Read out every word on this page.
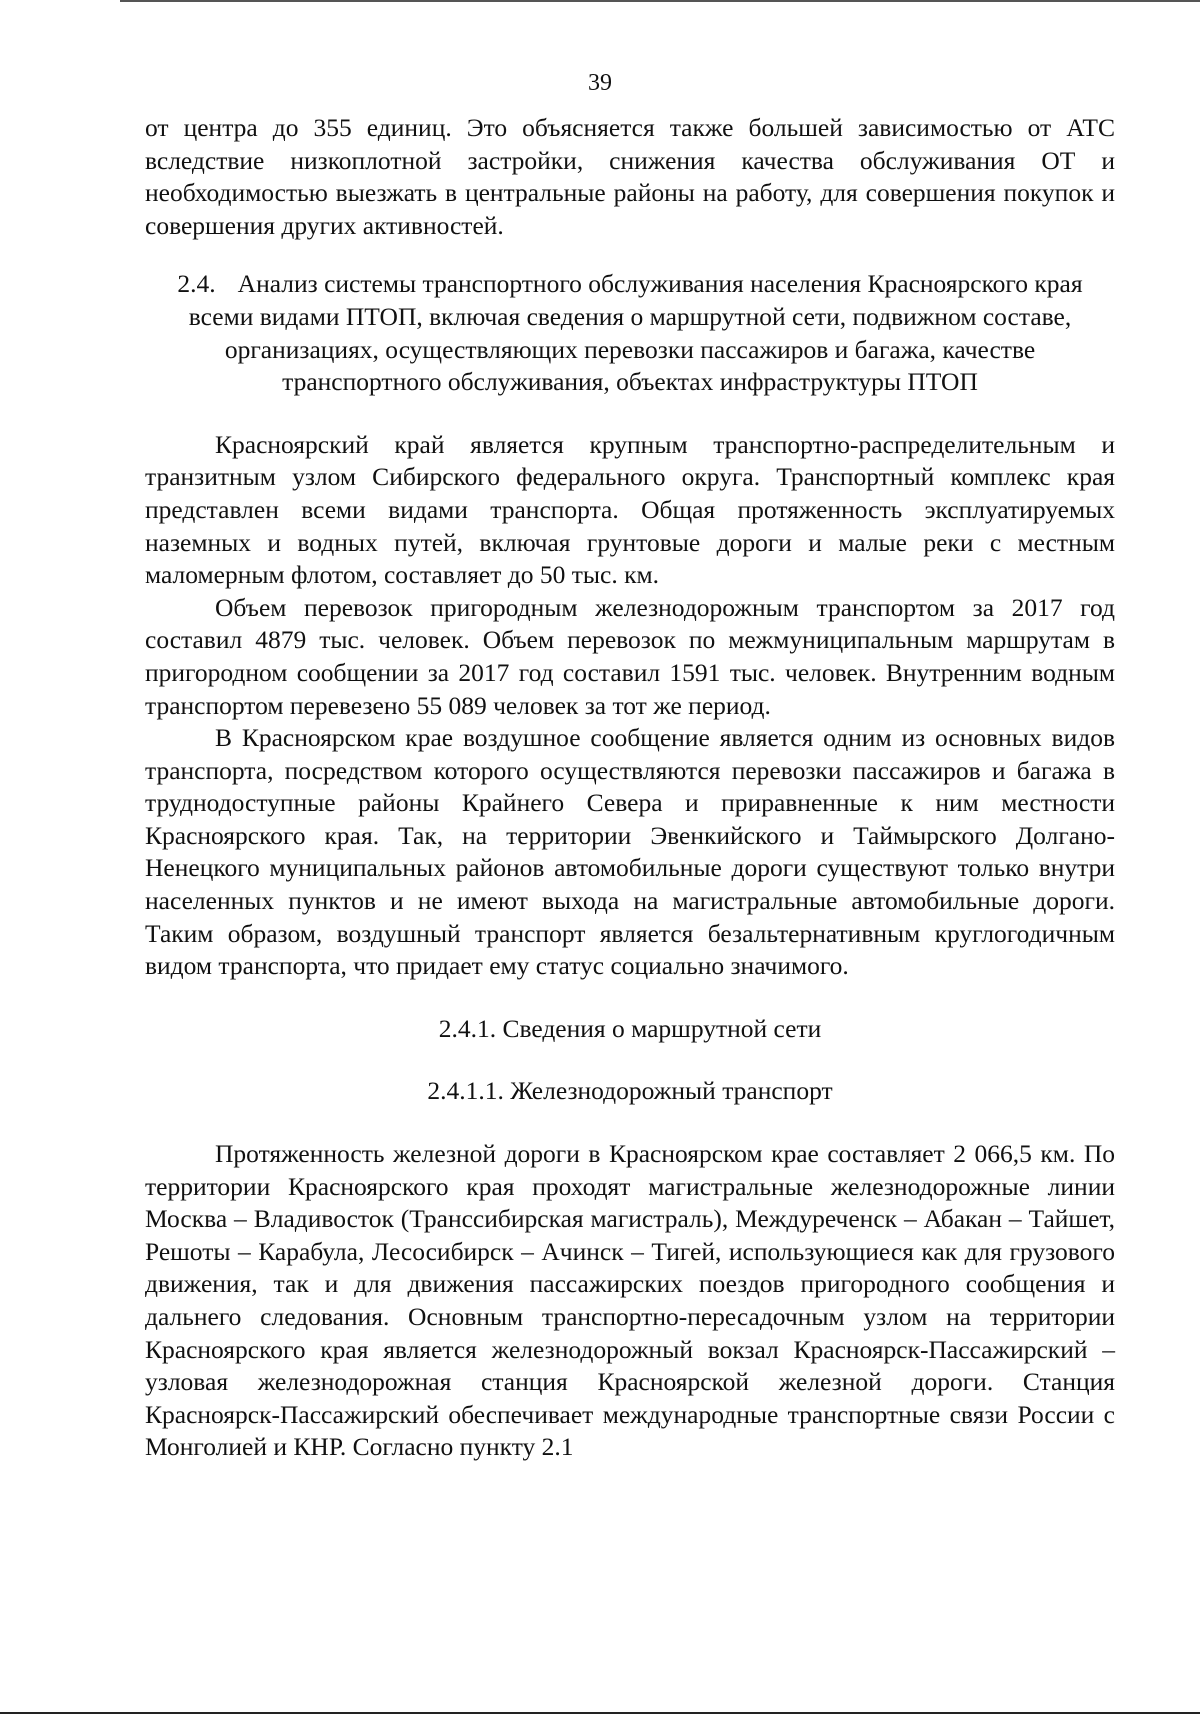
39

от центра до 355 единиц. Это объясняется также большей зависимостью от АТС вследствие низкоплотной застройки, снижения качества обслуживания ОТ и необходимостью выезжать в центральные районы на работу, для совершения покупок и совершения других активностей.

2.4. Анализ системы транспортного обслуживания населения Красноярского края всеми видами ПТОП, включая сведения о маршрутной сети, подвижном составе, организациях, осуществляющих перевозки пассажиров и багажа, качестве транспортного обслуживания, объектах инфраструктуры ПТОП

Красноярский край является крупным транспортно-распределительным и транзитным узлом Сибирского федерального округа. Транспортный комплекс края представлен всеми видами транспорта. Общая протяженность эксплуатируемых наземных и водных путей, включая грунтовые дороги и малые реки с местным маломерным флотом, составляет до 50 тыс. км.

Объем перевозок пригородным железнодорожным транспортом за 2017 год составил 4879 тыс. человек. Объем перевозок по межмуниципальным маршрутам в пригородном сообщении за 2017 год составил 1591 тыс. человек. Внутренним водным транспортом перевезено 55 089 человек за тот же период.

В Красноярском крае воздушное сообщение является одним из основных видов транспорта, посредством которого осуществляются перевозки пассажиров и багажа в труднодоступные районы Крайнего Севера и приравненные к ним местности Красноярского края. Так, на территории Эвенкийского и Таймырского Долгано-Ненецкого муниципальных районов автомобильные дороги существуют только внутри населенных пунктов и не имеют выхода на магистральные автомобильные дороги. Таким образом, воздушный транспорт является безальтернативным круглогодичным видом транспорта, что придает ему статус социально значимого.

2.4.1. Сведения о маршрутной сети

2.4.1.1. Железнодорожный транспорт

Протяженность железной дороги в Красноярском крае составляет 2 066,5 км. По территории Красноярского края проходят магистральные железнодорожные линии Москва – Владивосток (Транссибирская магистраль), Междуреченск – Абакан – Тайшет, Решоты – Карабула, Лесосибирск – Ачинск – Тигей, использующиеся как для грузового движения, так и для движения пассажирских поездов пригородного сообщения и дальнего следования. Основным транспортно-пересадочным узлом на территории Красноярского края является железнодорожный вокзал Красноярск-Пассажирский – узловая железнодорожная станция Красноярской железной дороги. Станция Красноярск-Пассажирский обеспечивает международные транспортные связи России с Монголией и КНР. Согласно пункту 2.1
